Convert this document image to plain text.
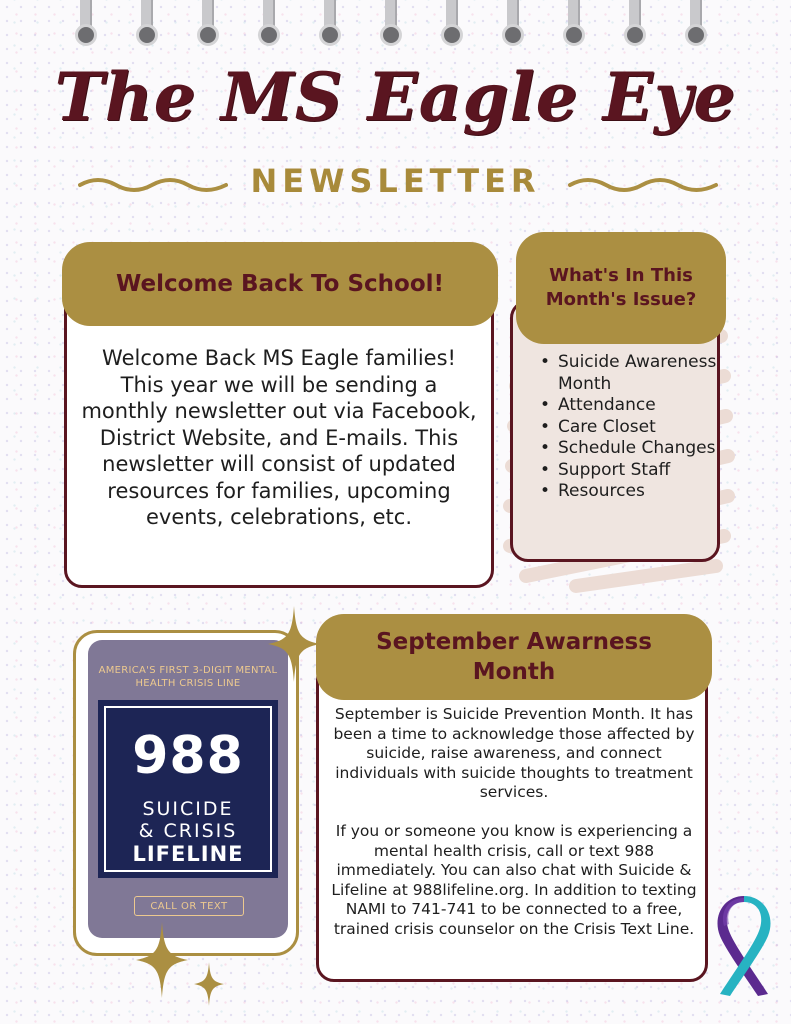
The MS Eagle Eye
NEWSLETTER
Welcome Back To School!
Welcome Back MS Eagle families! This year we will be sending a monthly newsletter out via Facebook, District Website, and E-mails. This newsletter will consist of updated resources for families, upcoming events, celebrations, etc.
What's In This
Month's Issue?
• Suicide Awareness Month
• Attendance
• Care Closet
• Schedule Changes
• Support Staff
• Resources
AMERICA'S FIRST 3-DIGIT MENTAL
HEALTH CRISIS LINE
988
SUICIDE
& CRISIS
LIFELINE
CALL OR TEXT
September Awarness
Month

September is Suicide Prevention Month. It has been a time to acknowledge those affected by suicide, raise awareness, and connect individuals with suicide thoughts to treatment services.

If you or someone you know is experiencing a mental health crisis, call or text 988 immediately. You can also chat with Suicide & Lifeline at 988lifeline.org. In addition to texting NAMI to 741-741 to be connected to a free, trained crisis counselor on the Crisis Text Line.
